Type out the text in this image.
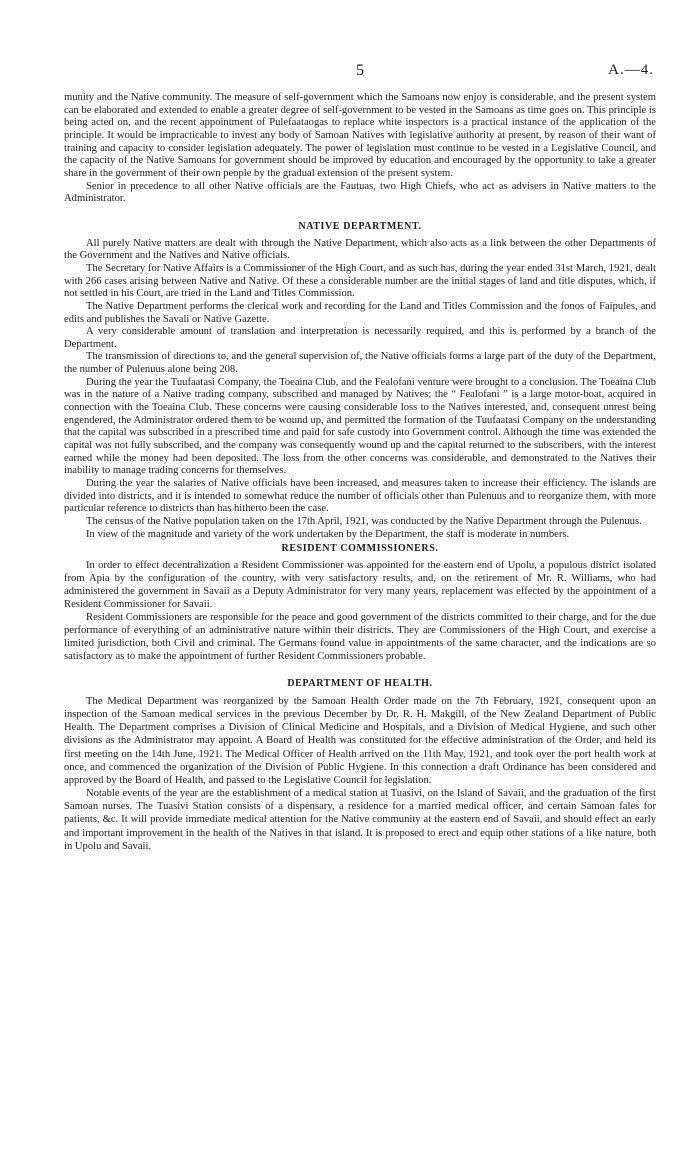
5	A.—4.

munity and the Native community. The measure of self-government which the Samoans now enjoy is considerable, and the present system can be elaborated and extended to enable a greater degree of self-government to be vested in the Samoans as time goes on. This principle is being acted on, and the recent appointment of Pulefaataogas to replace white inspectors is a practical instance of the application of the principle. It would be impracticable to invest any body of Samoan Natives with legislative authority at present, by reason of their want of training and capacity to consider legislation adequately. The power of legislation must continue to be vested in a Legislative Council, and the capacity of the Native Samoans for government should be improved by education and encouraged by the opportunity to take a greater share in the government of their own people by the gradual extension of the present system.

Senior in precedence to all other Native officials are the Fautuas, two High Chiefs, who act as advisers in Native matters to the Administrator.

NATIVE DEPARTMENT.

All purely Native matters are dealt with through the Native Department, which also acts as a link between the other Departments of the Government and the Natives and Native officials.

The Secretary for Native Affairs is a Commissioner of the High Court, and as such has, during the year ended 31st March, 1921, dealt with 266 cases arising between Native and Native. Of these a considerable number are the initial stages of land and title disputes, which, if not settled in his Court, are tried in the Land and Titles Commission.

The Native Department performs the clerical work and recording for the Land and Titles Commission and the fonos of Faipules, and edits and publishes the Savali or Native Gazette.

A very considerable amount of translation and interpretation is necessarily required, and this is performed by a branch of the Department.

The transmission of directions to, and the general supervision of, the Native officials forms a large part of the duty of the Department, the number of Pulenuus alone being 208.

During the year the Tuufaatasi Company, the Toeaina Club, and the Fealofani venture were brought to a conclusion. The Toeaina Club was in the nature of a Native trading company, subscribed and managed by Natives; the “ Fealofani ” is a large motor-boat, acquired in connection with the Toeaina Club. These concerns were causing considerable loss to the Natives interested, and, consequent unrest being engendered, the Administrator ordered them to be wound up, and permitted the formation of the Tuufaatasi Company on the understanding that the capital was subscribed in a prescribed time and paid for safe custody into Government control. Although the time was extended the capital was not fully subscribed, and the company was consequently wound up and the capital returned to the subscribers, with the interest earned while the money had been deposited. The loss from the other concerns was considerable, and demonstrated to the Natives their inability to manage trading concerns for themselves.

During the year the salaries of Native officials have been increased, and measures taken to increase their efficiency. The islands are divided into districts, and it is intended to somewhat reduce the number of officials other than Pulenuus and to reorganize them, with more particular reference to districts than has hitherto been the case.

The census of the Native population taken on the 17th April, 1921, was conducted by the Native Department through the Pulenuus.

In view of the magnitude and variety of the work undertaken by the Department, the staff is moderate in numbers.

RESIDENT COMMISSIONERS.

In order to effect decentralization a Resident Commissioner was appointed for the eastern end of Upolu, a populous district isolated from Apia by the configuration of the country, with very satisfactory results, and, on the retirement of Mr. R. Williams, who had administered the government in Savaii as a Deputy Administrator for very many years, replacement was effected by the appointment of a Resident Commissioner for Savaii.

Resident Commissioners are responsible for the peace and good government of the districts committed to their charge, and for the due performance of everything of an administrative nature within their districts. They are Commissioners of the High Court, and exercise a limited jurisdiction, both Civil and criminal. The Germans found value in appointments of the same character, and the indications are so satisfactory as to make the appointment of further Resident Commissioners probable.

DEPARTMENT OF HEALTH.

The Medical Department was reorganized by the Samoan Health Order made on the 7th February, 1921, consequent upon an inspection of the Samoan medical services in the previous December by Dr. R. H. Makgill, of the New Zealand Department of Public Health. The Department comprises a Division of Clinical Medicine and Hospitals, and a Division of Medical Hygiene, and such other divisions as the Administrator may appoint. A Board of Health was constituted for the effective administration of the Order, and held its first meeting on the 14th June, 1921. The Medical Officer of Health arrived on the 11th May, 1921, and took over the port health work at once, and commenced the organization of the Division of Public Hygiene. In this connection a draft Ordinance has been considered and approved by the Board of Health, and passed to the Legislative Council for legislation.

Notable events of the year are the establishment of a medical station at Tuasivi, on the Island of Savaii, and the graduation of the first Samoan nurses. The Tuasivi Station consists of a dispensary, a residence for a married medical officer, and certain Samoan fales for patients, &c. It will provide immediate medical attention for the Native community at the eastern end of Savaii, and should effect an early and important improvement in the health of the Natives in that island. It is proposed to erect and equip other stations of a like nature, both in Upolu and Savaii.
